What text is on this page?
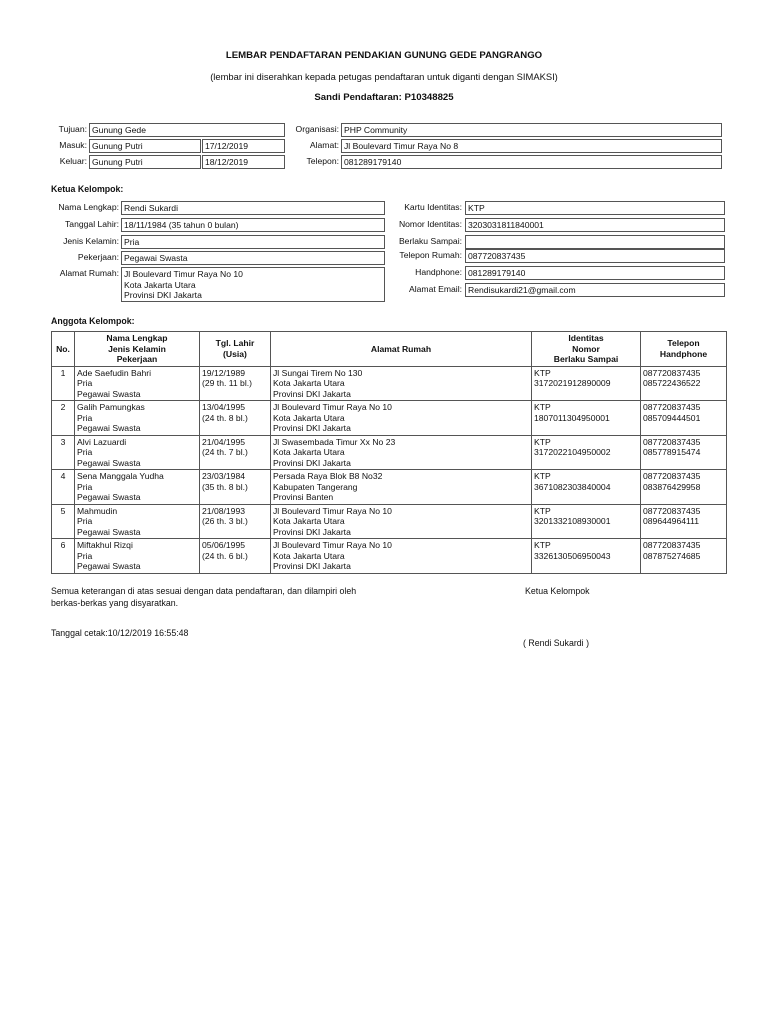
LEMBAR PENDAFTARAN PENDAKIAN GUNUNG GEDE PANGRANGO
(lembar ini diserahkan kepada petugas pendaftaran untuk diganti dengan SIMAKSI)
Sandi Pendaftaran: P10348825
Tujuan: Gunung Gede
Masuk: Gunung Putri	17/12/2019
Keluar: Gunung Putri	18/12/2019
Organisasi: PHP Community
Alamat: Jl Boulevard Timur Raya No 8
Telepon: 081289179140
Ketua Kelompok:
Nama Lengkap: Rendi Sukardi
Tanggal Lahir: 18/11/1984 (35 tahun 0 bulan)
Jenis Kelamin: Pria
Pekerjaan: Pegawai Swasta
Alamat Rumah: Jl Boulevard Timur Raya No 10
Kota Jakarta Utara
Provinsi DKI Jakarta
Kartu Identitas: KTP
Nomor Identitas: 3203031811840001
Berlaku Sampai:
Telepon Rumah: 087720837435
Handphone: 081289179140
Alamat Email: Rendisukardi21@gmail.com
Anggota Kelompok:
No.	Nama Lengkap
Jenis Kelamin
Pekerjaan	Tgl. Lahir
(Usia)	Alamat Rumah	Identitas
Nomor
Berlaku Sampai	Telepon
Handphone

1	Ade Saefudin Bahri
Pria
Pegawai Swasta	19/12/1989
(29 th. 11 bl.)	Jl Sungai Tirem No 130
Kota Jakarta Utara
Provinsi DKI Jakarta	KTP
3172021912890009	087720837435
085722436522

2	Galih Pamungkas
Pria
Pegawai Swasta	13/04/1995
(24 th. 8 bl.)	Jl Boulevard Timur Raya No 10
Kota Jakarta Utara
Provinsi DKI Jakarta	KTP
1807011304950001	087720837435
085709444501

3	Alvi Lazuardi
Pria
Pegawai Swasta	21/04/1995
(24 th. 7 bl.)	Jl Swasembada Timur Xx No 23
Kota Jakarta Utara
Provinsi DKI Jakarta	KTP
3172022104950002	087720837435
085778915474

4	Sena Manggala Yudha
Pria
Pegawai Swasta	23/03/1984
(35 th. 8 bl.)	Persada Raya Blok B8 No32
Kabupaten Tangerang
Provinsi Banten	KTP
3671082303840004	087720837435
083876429958

5	Mahmudin
Pria
Pegawai Swasta	21/08/1993
(26 th. 3 bl.)	Jl Boulevard Timur Raya No 10
Kota Jakarta Utara
Provinsi DKI Jakarta	KTP
3201332108930001	087720837435
089644964111

6	Miftakhul Rizqi
Pria
Pegawai Swasta	05/06/1995
(24 th. 6 bl.)	Jl Boulevard Timur Raya No 10
Kota Jakarta Utara
Provinsi DKI Jakarta	KTP
3326130506950043	087720837435
087875274685
Semua keterangan di atas sesuai dengan data pendaftaran, dan dilampiri oleh
berkas-berkas yang disyaratkan.
Ketua Kelompok
Tanggal cetak:10/12/2019 16:55:48
( Rendi Sukardi )
